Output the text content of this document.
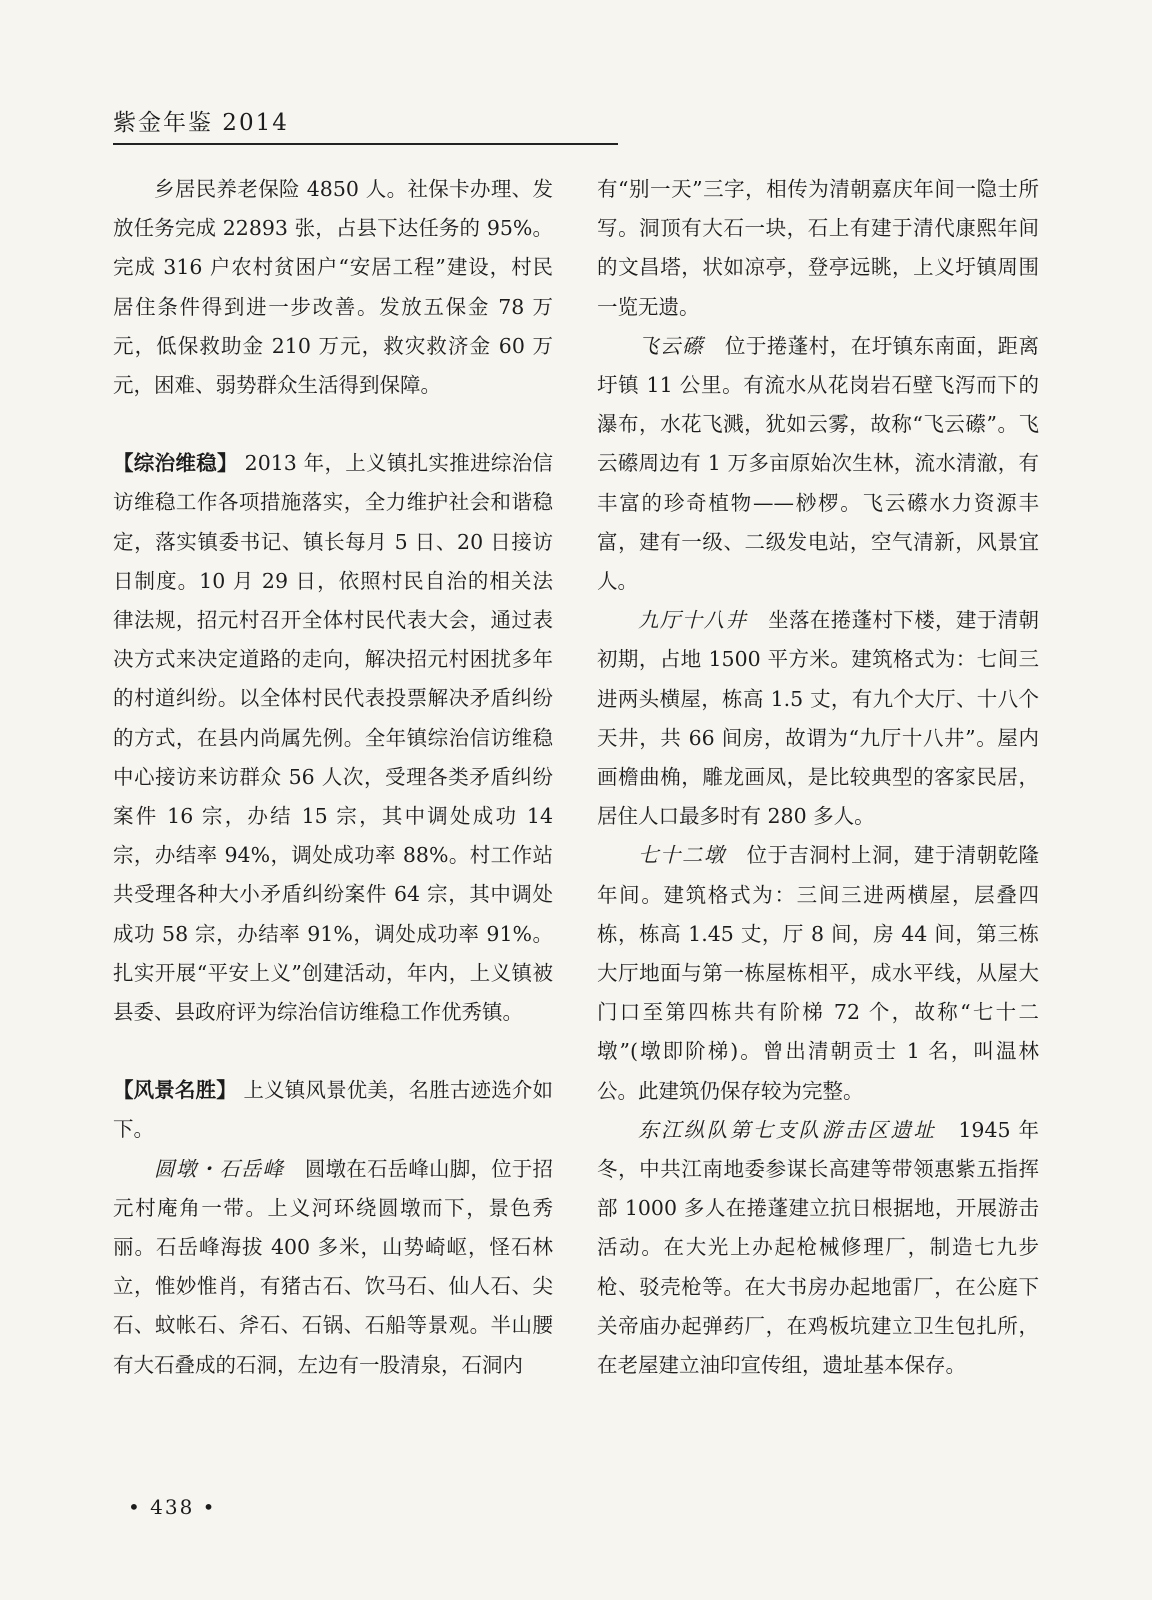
紫金年鉴 2014

乡居民养老保险 4850 人。社保卡办理、发放任务完成 22893 张，占县下达任务的 95%。完成 316 户农村贫困户“安居工程”建设，村民居住条件得到进一步改善。发放五保金 78 万元，低保救助金 210 万元，救灾救济金 60 万元，困难、弱势群众生活得到保障。

【综治维稳】 2013 年，上义镇扎实推进综治信访维稳工作各项措施落实，全力维护社会和谐稳定，落实镇委书记、镇长每月 5 日、20 日接访日制度。10 月 29 日，依照村民自治的相关法律法规，招元村召开全体村民代表大会，通过表决方式来决定道路的走向，解决招元村困扰多年的村道纠纷。以全体村民代表投票解决矛盾纠纷的方式，在县内尚属先例。全年镇综治信访维稳中心接访来访群众 56 人次，受理各类矛盾纠纷案件 16 宗，办结 15 宗，其中调处成功 14 宗，办结率 94%，调处成功率 88%。村工作站共受理各种大小矛盾纠纷案件 64 宗，其中调处成功 58 宗，办结率 91%，调处成功率 91%。扎实开展“平安上义”创建活动，年内，上义镇被县委、县政府评为综治信访维稳工作优秀镇。

【风景名胜】 上义镇风景优美，名胜古迹选介如下。

圆墩・石岳峰　圆墩在石岳峰山脚，位于招元村庵角一带。上义河环绕圆墩而下，景色秀丽。石岳峰海拔 400 多米，山势崎岖，怪石林立，惟妙惟肖，有猪古石、饮马石、仙人石、尖石、蚊帐石、斧石、石锅、石船等景观。半山腰有大石叠成的石洞，左边有一股清泉，石洞内

有“别一天”三字，相传为清朝嘉庆年间一隐士所写。洞顶有大石一块，石上有建于清代康熙年间的文昌塔，状如凉亭，登亭远眺，上义圩镇周围一览无遗。

飞云礤　位于捲蓬村，在圩镇东南面，距离圩镇 11 公里。有流水从花岗岩石壁飞泻而下的瀑布，水花飞溅，犹如云雾，故称“飞云礤”。飞云礤周边有 1 万多亩原始次生林，流水清澈，有丰富的珍奇植物——桫椤。飞云礤水力资源丰富，建有一级、二级发电站，空气清新，风景宜人。

九厅十八井　坐落在捲蓬村下楼，建于清朝初期，占地 1500 平方米。建筑格式为：七间三进两头横屋，栋高 1.5 丈，有九个大厅、十八个天井，共 66 间房，故谓为“九厅十八井”。屋内画檐曲桷，雕龙画凤，是比较典型的客家民居，居住人口最多时有 280 多人。

七十二墩　位于吉洞村上洞，建于清朝乾隆年间。建筑格式为：三间三进两横屋，层叠四栋，栋高 1.45 丈，厅 8 间，房 44 间，第三栋大厅地面与第一栋屋栋相平，成水平线，从屋大门口至第四栋共有阶梯 72 个，故称“七十二墩”(墩即阶梯)。曾出清朝贡士 1 名，叫温林公。此建筑仍保存较为完整。

东江纵队第七支队游击区遗址　1945 年冬，中共江南地委参谋长高建等带领惠紫五指挥部 1000 多人在捲蓬建立抗日根据地，开展游击活动。在大光上办起枪械修理厂，制造七九步枪、驳壳枪等。在大书房办起地雷厂，在公庭下关帝庙办起弹药厂，在鸡板坑建立卫生包扎所，在老屋建立油印宣传组，遗址基本保存。

• 438 •
